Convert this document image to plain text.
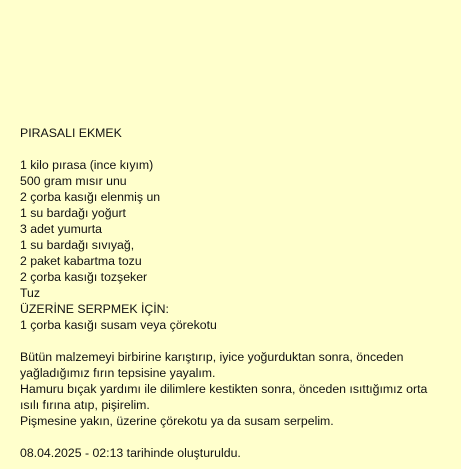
PIRASALI EKMEK
1 kilo pırasa (ince kıyım)
500 gram mısır unu
2 çorba kasığı elenmiş un
1 su bardağı yoğurt
3 adet yumurta
1 su bardağı sıvıyağ,
2 paket kabartma tozu
2 çorba kasığı tozşeker
Tuz
ÜZERİNE SERPMEK İÇİN:
1 çorba kasığı susam veya çörekotu
Bütün malzemeyi birbirine karıştırıp, iyice yoğurduktan sonra, önceden
yağladığımız fırın tepsisine yayalım.
Hamuru bıçak yardımı ile dilimlere kestikten sonra, önceden ısıttığımız orta
ısılı fırına atıp, pişirelim.
Pişmesine yakın, üzerine çörekotu ya da susam serpelim.
08.04.2025 - 02:13 tarihinde oluşturuldu.
